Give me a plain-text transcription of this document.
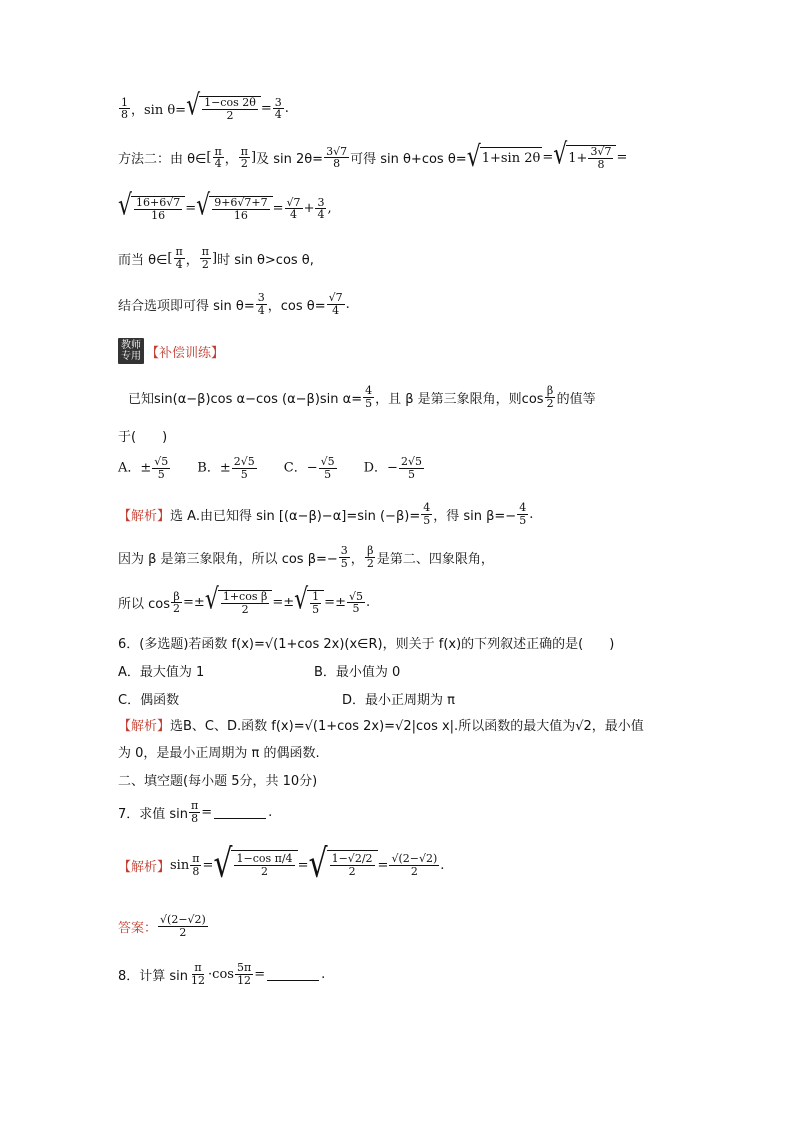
$\frac{1}{8}$ ，sin θ= √ $\frac{1-\cos 2\theta}{2} = \frac{3}{4}$ .
方法二：由 θ∈ [ $\frac{\pi}{4}$ ， $\frac{\pi}{2}$ ] 及 $\sin 2\theta= \frac{3√7}{8}$ 可得 sin θ+cos θ= √ 1+sin 2θ = √ $1+ \frac{3√7}{8}$ =
√ $\frac{16+6√7}{16}$ = √ $\frac{9+6√7+7}{16} = \frac{√7}{4} + \frac{3}{4}$ ,
而当 θ∈ [ $\frac{\pi}{4}$ ， $\frac{\pi}{2}$ ] 时 sin θ>cos θ,
结合选项即可得 $\sin \theta= \frac{3}{4}$ ，$\cos \theta= \frac{√7}{4}$ .
教师
专用 【补偿训练】
已知sin(α−β)cos α−cos (α−β)sin $\alpha= \frac{4}{5}$ ，且 β 是第三象限角，则$\cos \frac{\beta}{2}$ 的值等
于(　　)
A．± $\frac{√5}{5}$ B．± $\frac{2√5}{5}$ C．− $\frac{√5}{5}$ D．− $\frac{2√5}{5}$
【解析】 选 A.由已知得 sin [(α−β)−α]=sin $(-\beta)= \frac{4}{5}$ ，得 $\sin \beta=- \frac{4}{5}$ .
因为 β 是第三象限角，所以 $\cos \beta=- \frac{3}{5}$ ， $\frac{\beta}{2}$ 是第二、四象限角，
所以 $\cos \frac{\beta}{2}$ =± √ $\frac{\text{1+cos β}}{2}$ =± √ $\frac{1}{5} =\pm \frac{√5}{5}$ .
6．(多选题)若函数 f(x)=√(1+cos 2x)(x∈R)，则关于 f(x)的下列叙述正确的是(　　)
A．最大值为 1	B．最小值为 0
C．偶函数	D．最小正周期为 π
【解析】 选B、C、D.函数 f(x)=√(1+cos 2x)=√2|cos x|.所以函数的最大值为√2，最小值
为 0，是最小正周期为 π 的偶函数.
二、填空题(每小题 5分，共 10分)
7．求值 $\sin \frac{\pi}{8}$ =	.
【解析】 $\sin \frac{\pi}{8}$ = √ $\frac{\text{1−cos π/4}}{2}$ = √ $\frac{1-√2/2}{2} = \frac{√(2-√2)}{2}$ .
答案： $\frac{√(2-√2)}{2}$
8．计算 $\sin \frac{\pi}{12} \cdot\cos \frac{5\pi}{12}$ =	.
